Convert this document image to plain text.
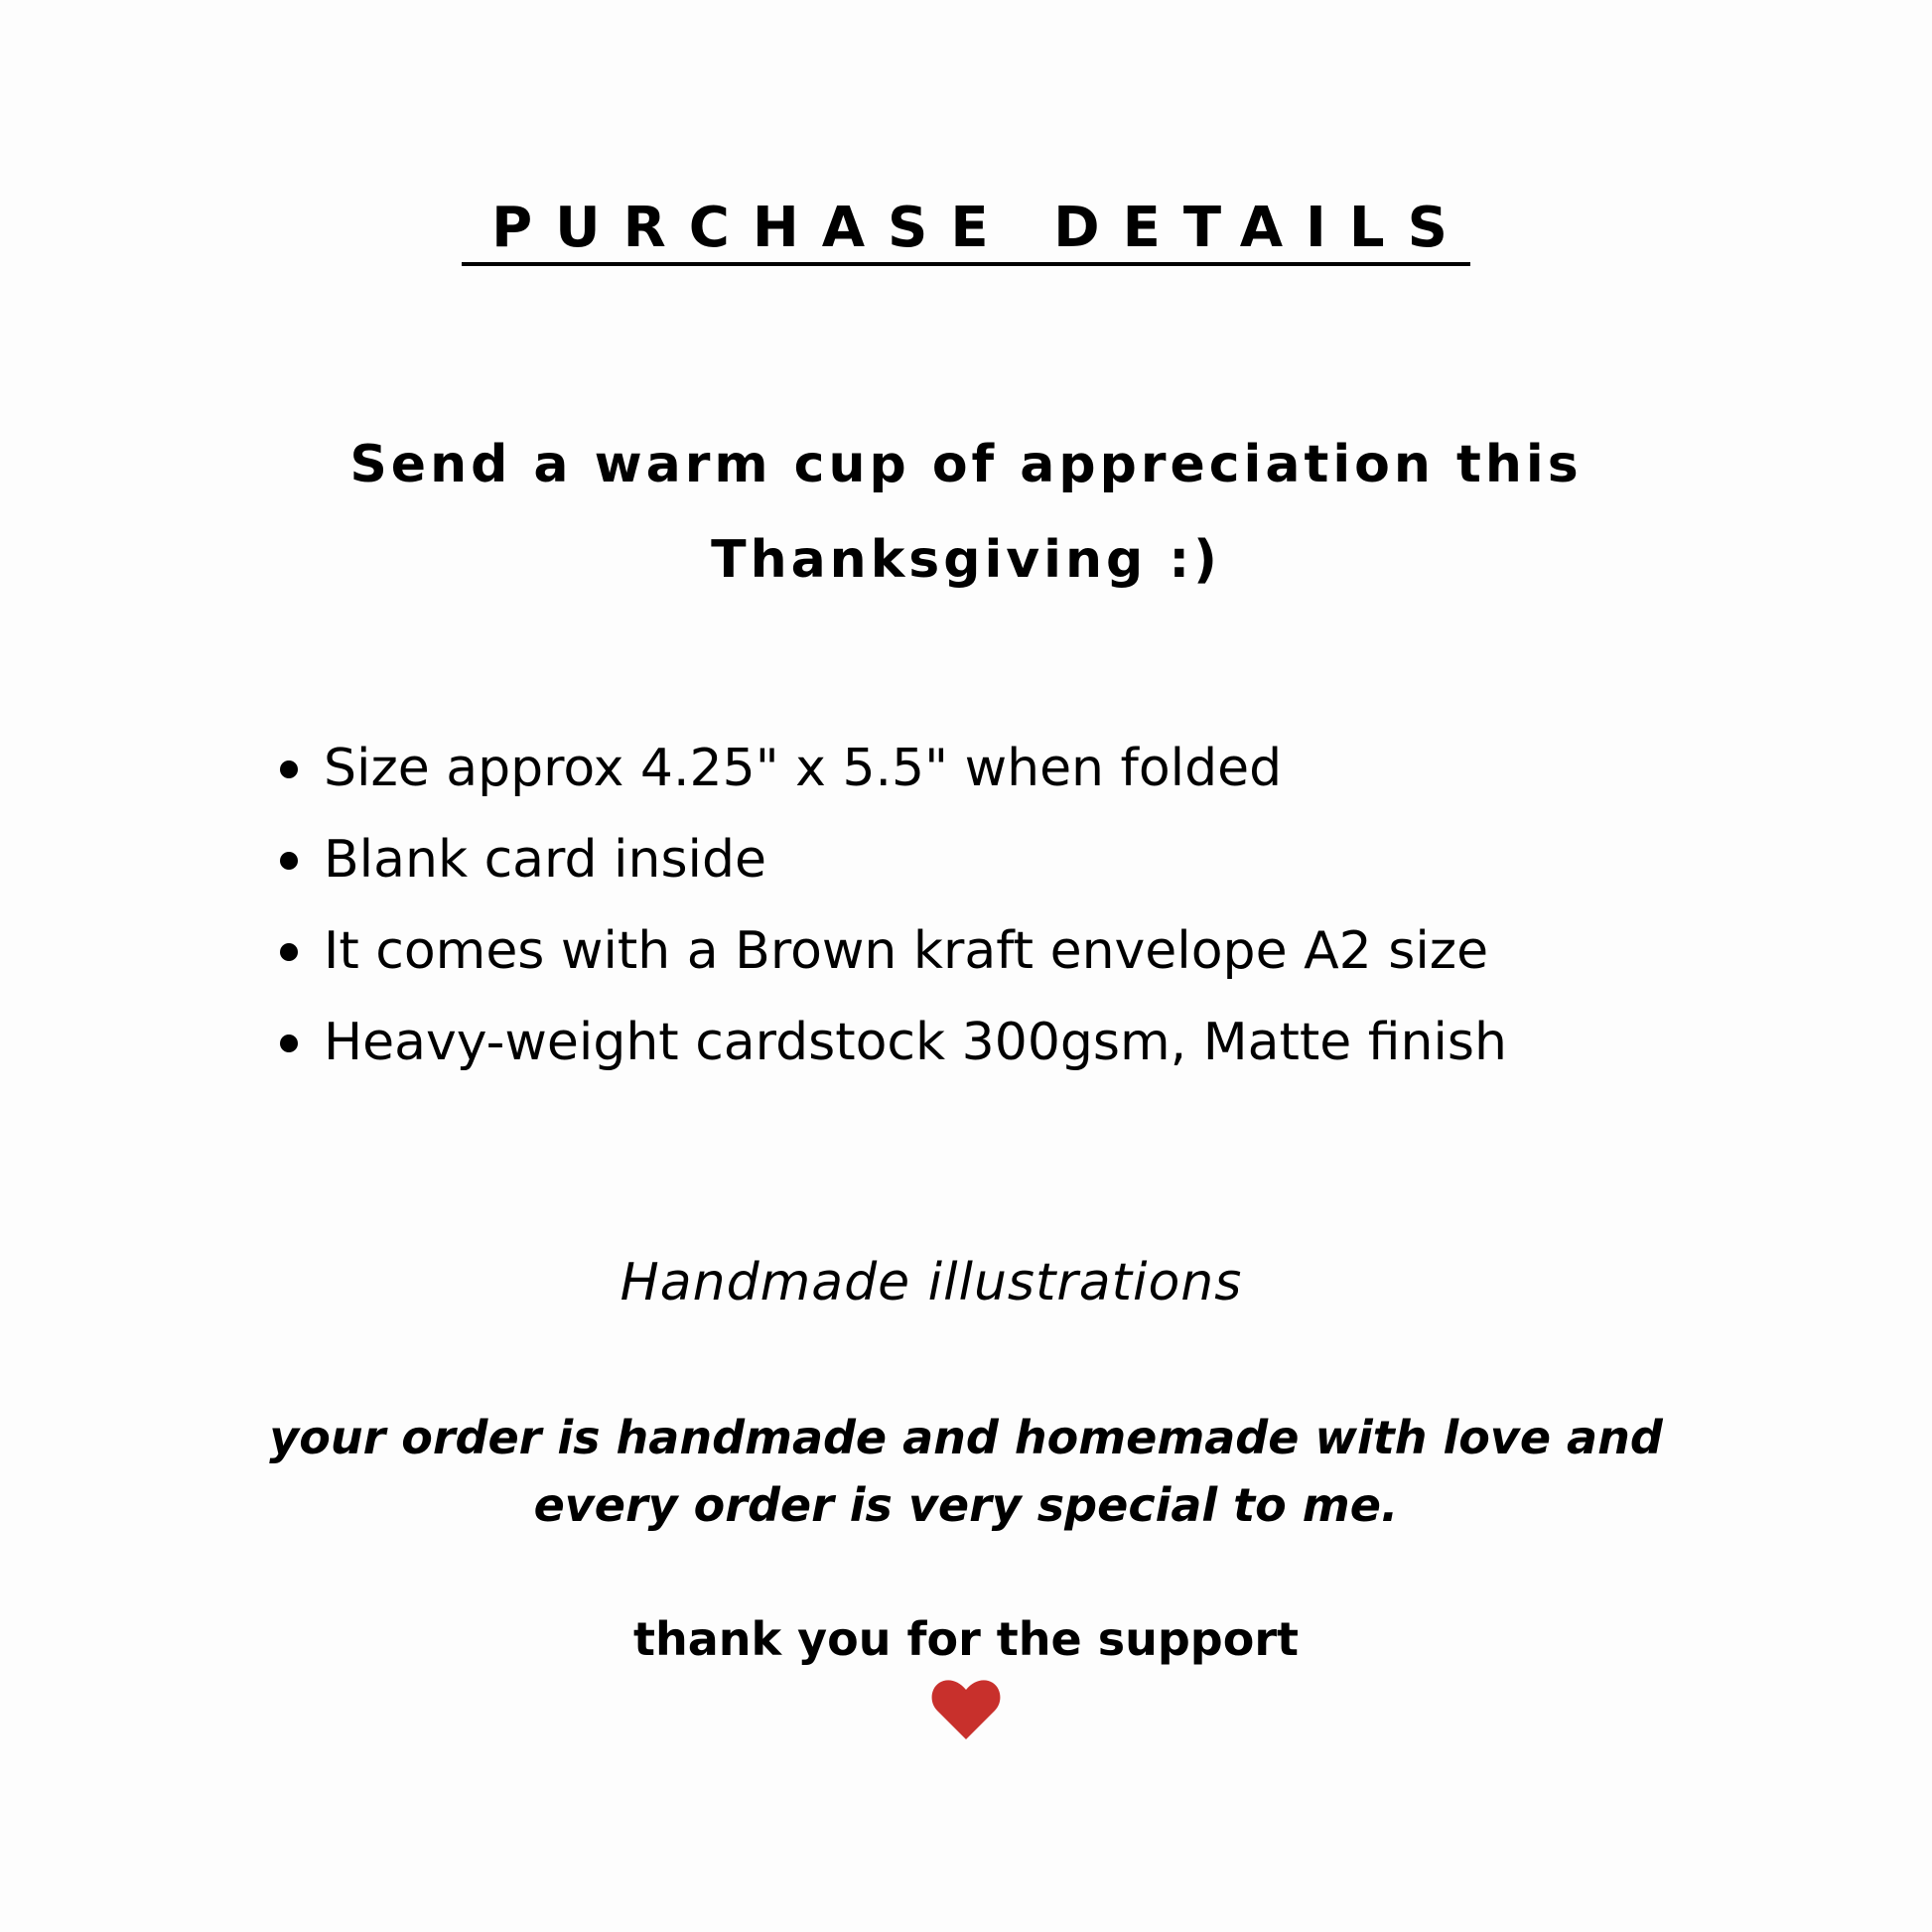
PURCHASE DETAILS
Send a warm cup of appreciation this
Thanksgiving :)
Size approx 4.25" x 5.5" when folded
Blank card inside
It comes with a Brown kraft envelope A2 size
Heavy-weight cardstock 300gsm, Matte finish
Handmade illustrations
your order is handmade and homemade with love and
every order is very special to me.
thank you for the support
